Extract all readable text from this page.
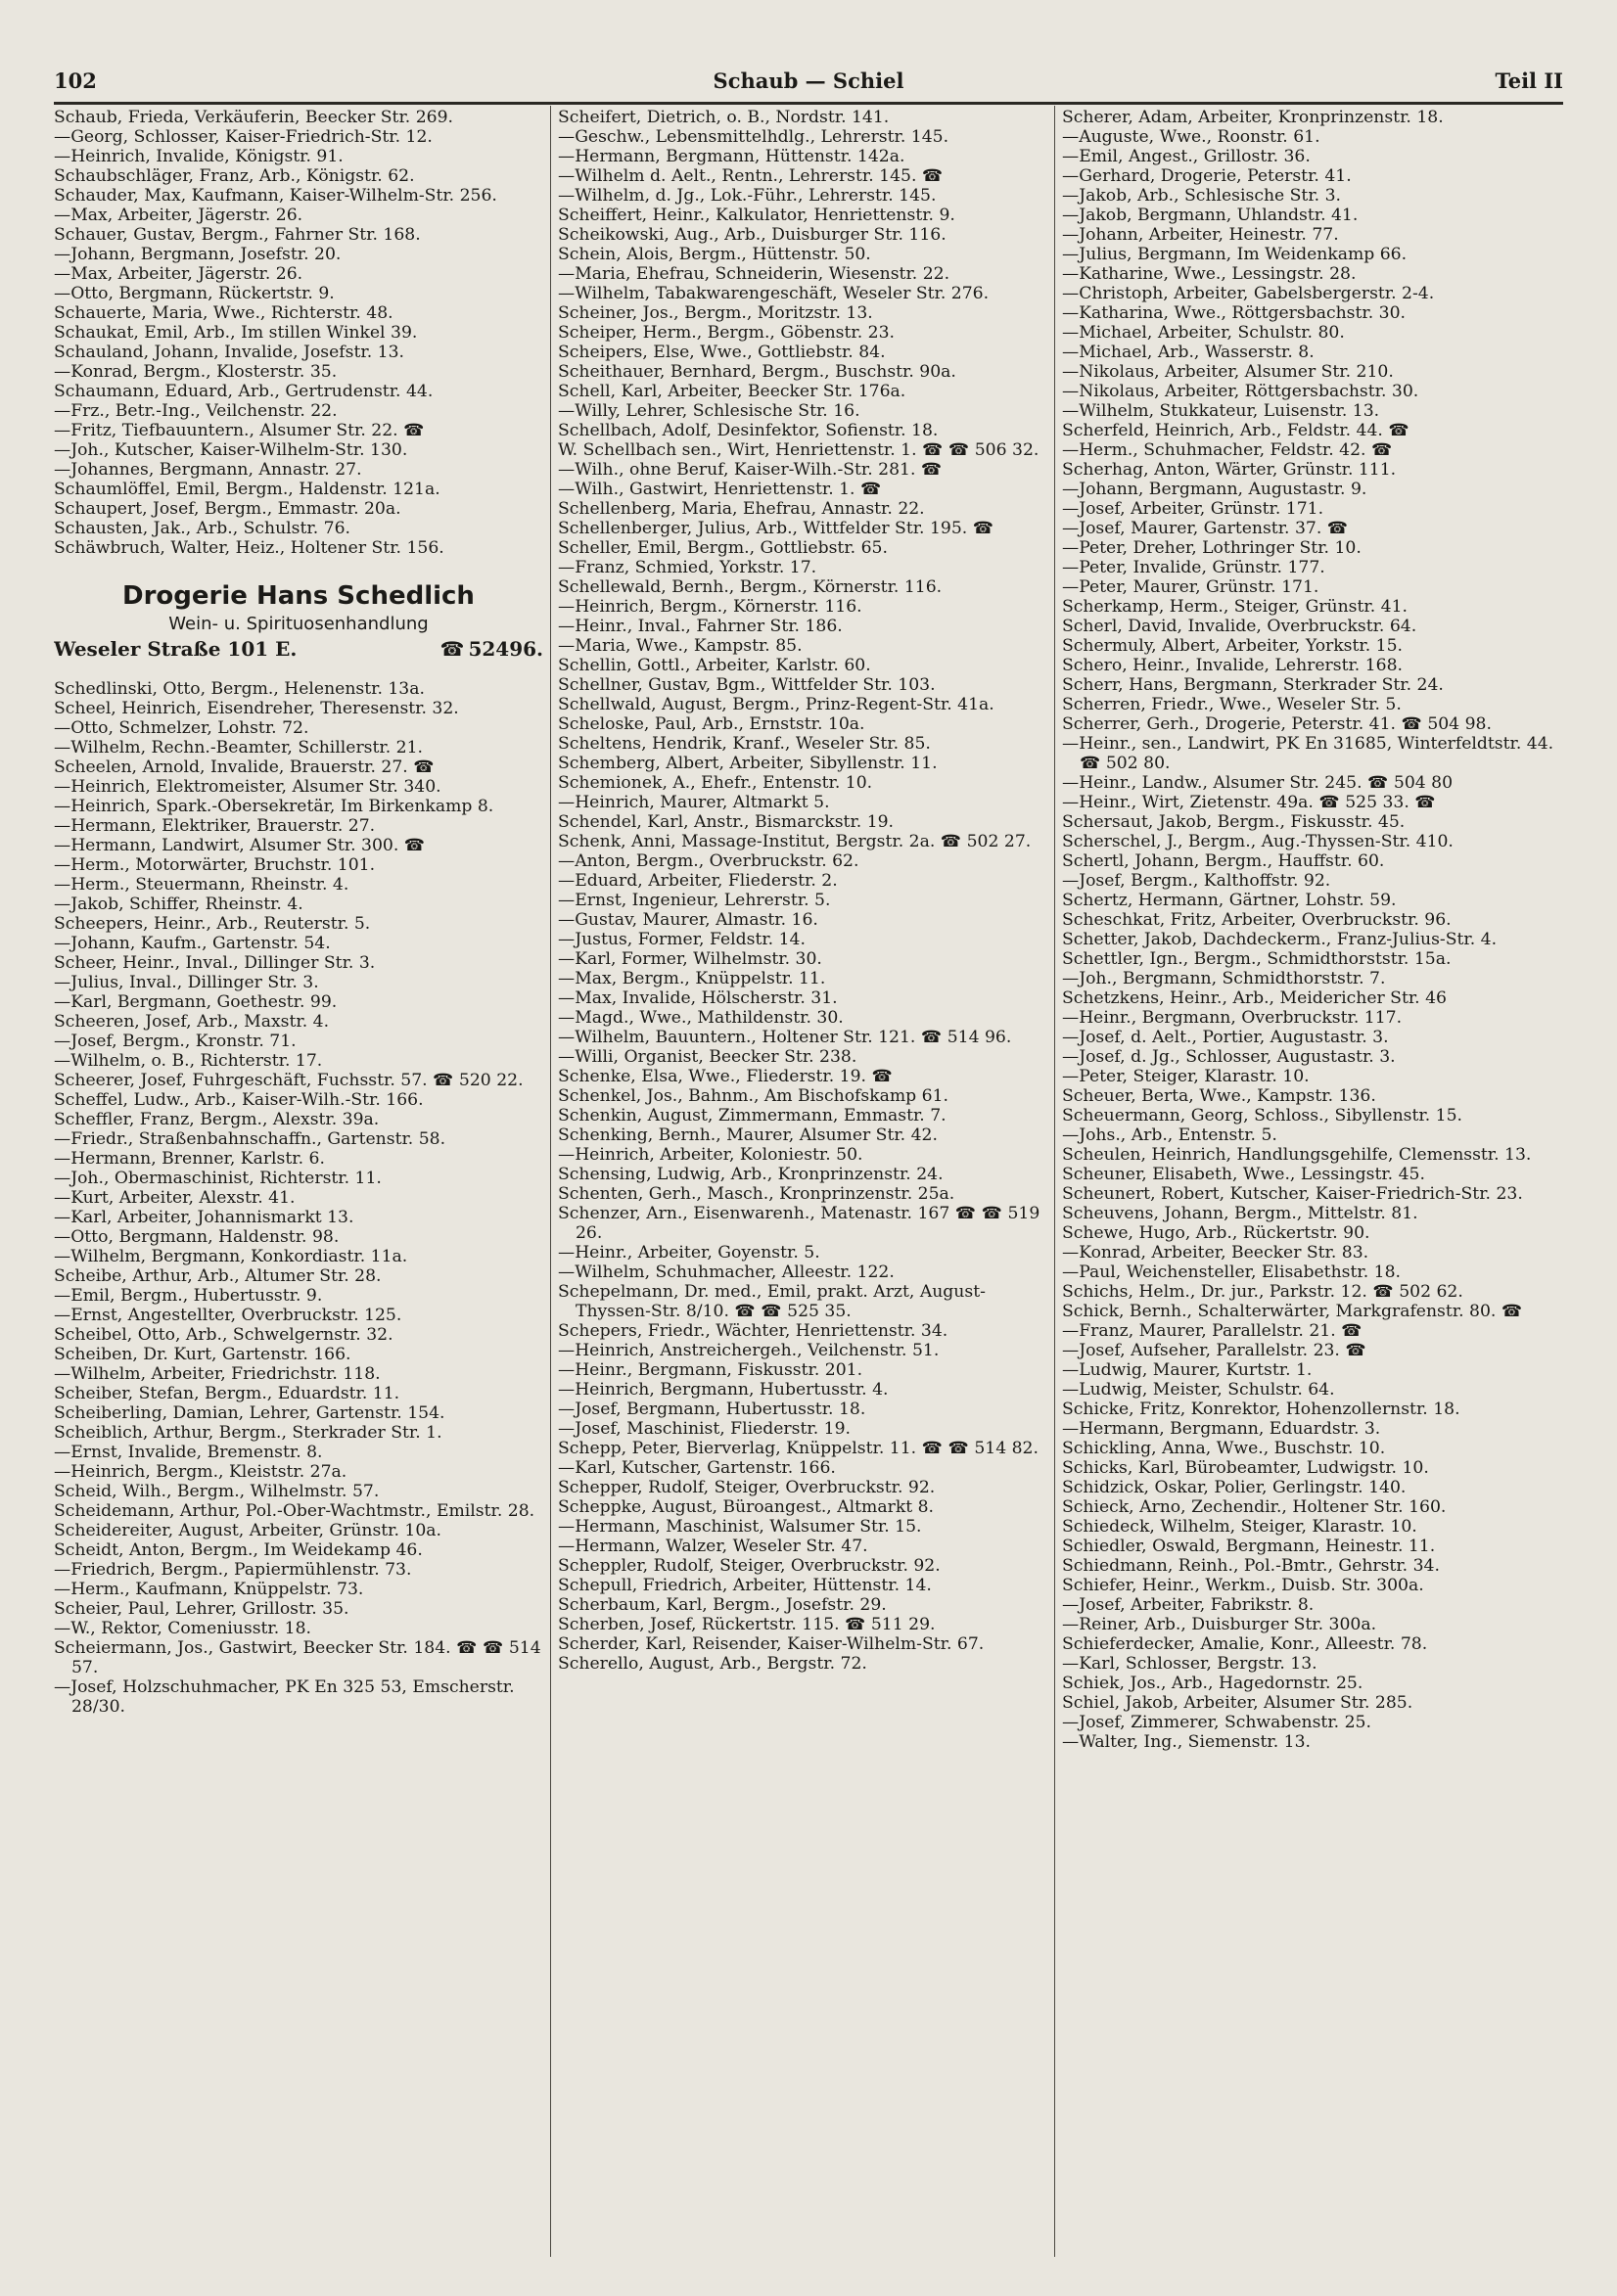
102	Schaub — Schiel	Teil II

Schaub, Frieda, Verkäuferin, Beecker Str. 269.

—Georg, Schlosser, Kaiser-Friedrich-Str. 12.

—Heinrich, Invalide, Königstr. 91.

Schaubschläger, Franz, Arb., Königstr. 62.

Schauder, Max, Kaufmann, Kaiser-Wilhelm-Str. 256.

—Max, Arbeiter, Jägerstr. 26.

Schauer, Gustav, Bergm., Fahrner Str. 168.

—Johann, Bergmann, Josefstr. 20.

—Max, Arbeiter, Jägerstr. 26.

—Otto, Bergmann, Rückertstr. 9.

Schauerte, Maria, Wwe., Richterstr. 48.

Schaukat, Emil, Arb., Im stillen Winkel 39.

Schauland, Johann, Invalide, Josefstr. 13.

—Konrad, Bergm., Klosterstr. 35.

Schaumann, Eduard, Arb., Gertrudenstr. 44.

—Frz., Betr.-Ing., Veilchenstr. 22.

—Fritz, Tiefbauuntern., Alsumer Str. 22. ☎

—Joh., Kutscher, Kaiser-Wilhelm-Str. 130.

—Johannes, Bergmann, Annastr. 27.

Schaumlöffel, Emil, Bergm., Haldenstr. 121a.

Schaupert, Josef, Bergm., Emmastr. 20a.

Schausten, Jak., Arb., Schulstr. 76.

Schäwbruch, Walter, Heiz., Holtener Str. 156.

Drogerie Hans Schedlich
Wein- u. Spirituosenhandlung
Weseler Straße 101 E.	☎ 52496.

Schedlinski, Otto, Bergm., Helenenstr. 13a.

Scheel, Heinrich, Eisendreher, Theresenstr. 32.

—Otto, Schmelzer, Lohstr. 72.

—Wilhelm, Rechn.-Beamter, Schillerstr. 21.

Scheelen, Arnold, Invalide, Brauerstr. 27. ☎

—Heinrich, Elektromeister, Alsumer Str. 340.

—Heinrich, Spark.-Obersekretär, Im Birkenkamp 8.

—Hermann, Elektriker, Brauerstr. 27.

—Hermann, Landwirt, Alsumer Str. 300. ☎

—Herm., Motorwärter, Bruchstr. 101.

—Herm., Steuermann, Rheinstr. 4.

—Jakob, Schiffer, Rheinstr. 4.

Scheepers, Heinr., Arb., Reuterstr. 5.

—Johann, Kaufm., Gartenstr. 54.

Scheer, Heinr., Inval., Dillinger Str. 3.

—Julius, Inval., Dillinger Str. 3.

—Karl, Bergmann, Goethestr. 99.

Scheeren, Josef, Arb., Maxstr. 4.

—Josef, Bergm., Kronstr. 71.

—Wilhelm, o. B., Richterstr. 17.

Scheerer, Josef, Fuhrgeschäft, Fuchsstr. 57. ☎ 520 22.

Scheffel, Ludw., Arb., Kaiser-Wilh.-Str. 166.

Scheffler, Franz, Bergm., Alexstr. 39a.

—Friedr., Straßenbahnschaffn., Gartenstr. 58.

—Hermann, Brenner, Karlstr. 6.

—Joh., Obermaschinist, Richterstr. 11.

—Kurt, Arbeiter, Alexstr. 41.

—Karl, Arbeiter, Johannismarkt 13.

—Otto, Bergmann, Haldenstr. 98.

—Wilhelm, Bergmann, Konkordiastr. 11a.

Scheibe, Arthur, Arb., Altumer Str. 28.

—Emil, Bergm., Hubertusstr. 9.

—Ernst, Angestellter, Overbruckstr. 125.

Scheibel, Otto, Arb., Schwelgernstr. 32.

Scheiben, Dr. Kurt, Gartenstr. 166.

—Wilhelm, Arbeiter, Friedrichstr. 118.

Scheiber, Stefan, Bergm., Eduardstr. 11.

Scheiberling, Damian, Lehrer, Gartenstr. 154.

Scheiblich, Arthur, Bergm., Sterkrader Str. 1.

—Ernst, Invalide, Bremenstr. 8.

—Heinrich, Bergm., Kleiststr. 27a.

Scheid, Wilh., Bergm., Wilhelmstr. 57.

Scheidemann, Arthur, Pol.-Ober-Wachtmstr., Emilstr. 28.

Scheidereiter, August, Arbeiter, Grünstr. 10a.

Scheidt, Anton, Bergm., Im Weidekamp 46.

—Friedrich, Bergm., Papiermühlenstr. 73.

—Herm., Kaufmann, Knüppelstr. 73.

Scheier, Paul, Lehrer, Grillostr. 35.

—W., Rektor, Comeniusstr. 18.

Scheiermann, Jos., Gastwirt, Beecker Str. 184. ☎ ☎ 514 57.

—Josef, Holzschuhmacher, PK En 325 53, Emscherstr. 28/30.

Scheifert, Dietrich, o. B., Nordstr. 141.

—Geschw., Lebensmittelhdlg., Lehrerstr. 145.

—Hermann, Bergmann, Hüttenstr. 142a.

—Wilhelm d. Aelt., Rentn., Lehrerstr. 145. ☎

—Wilhelm, d. Jg., Lok.-Führ., Lehrerstr. 145.

Scheiffert, Heinr., Kalkulator, Henriettenstr. 9.

Scheikowski, Aug., Arb., Duisburger Str. 116.

Schein, Alois, Bergm., Hüttenstr. 50.

—Maria, Ehefrau, Schneiderin, Wiesenstr. 22.

—Wilhelm, Tabakwarengeschäft, Weseler Str. 276.

Scheiner, Jos., Bergm., Moritzstr. 13.

Scheiper, Herm., Bergm., Göbenstr. 23.

Scheipers, Else, Wwe., Gottliebstr. 84.

Scheithauer, Bernhard, Bergm., Buschstr. 90a.

Schell, Karl, Arbeiter, Beecker Str. 176a.

—Willy, Lehrer, Schlesische Str. 16.

Schellbach, Adolf, Desinfektor, Sofienstr. 18.

W. Schellbach sen., Wirt, Henriettenstr. 1. ☎ ☎ 506 32.

—Wilh., ohne Beruf, Kaiser-Wilh.-Str. 281. ☎

—Wilh., Gastwirt, Henriettenstr. 1. ☎

Schellenberg, Maria, Ehefrau, Annastr. 22.

Schellenberger, Julius, Arb., Wittfelder Str. 195. ☎

Scheller, Emil, Bergm., Gottliebstr. 65.

—Franz, Schmied, Yorkstr. 17.

Schellewald, Bernh., Bergm., Körnerstr. 116.

—Heinrich, Bergm., Körnerstr. 116.

—Heinr., Inval., Fahrner Str. 186.

—Maria, Wwe., Kampstr. 85.

Schellin, Gottl., Arbeiter, Karlstr. 60.

Schellner, Gustav, Bgm., Wittfelder Str. 103.

Schellwald, August, Bergm., Prinz-Regent-Str. 41a.

Scheloske, Paul, Arb., Ernststr. 10a.

Scheltens, Hendrik, Kranf., Weseler Str. 85.

Schemberg, Albert, Arbeiter, Sibyllenstr. 11.

Schemionek, A., Ehefr., Entenstr. 10.

—Heinrich, Maurer, Altmarkt 5.

Schendel, Karl, Anstr., Bismarckstr. 19.

Schenk, Anni, Massage-Institut, Bergstr. 2a. ☎ 502 27.

—Anton, Bergm., Overbruckstr. 62.

—Eduard, Arbeiter, Fliederstr. 2.

—Ernst, Ingenieur, Lehrerstr. 5.

—Gustav, Maurer, Almastr. 16.

—Justus, Former, Feldstr. 14.

—Karl, Former, Wilhelmstr. 30.

—Max, Bergm., Knüppelstr. 11.

—Max, Invalide, Hölscherstr. 31.

—Magd., Wwe., Mathildenstr. 30.

—Wilhelm, Bauuntern., Holtener Str. 121. ☎ 514 96.

—Willi, Organist, Beecker Str. 238.

Schenke, Elsa, Wwe., Fliederstr. 19. ☎

Schenkel, Jos., Bahnm., Am Bischofskamp 61.

Schenkin, August, Zimmermann, Emmastr. 7.

Schenking, Bernh., Maurer, Alsumer Str. 42.

—Heinrich, Arbeiter, Koloniestr. 50.

Schensing, Ludwig, Arb., Kronprinzenstr. 24.

Schenten, Gerh., Masch., Kronprinzenstr. 25a.

Schenzer, Arn., Eisenwarenh., Matenastr. 167 ☎ ☎ 519 26.

—Heinr., Arbeiter, Goyenstr. 5.

—Wilhelm, Schuhmacher, Alleestr. 122.

Schepelmann, Dr. med., Emil, prakt. Arzt, August-Thyssen-Str. 8/10. ☎ ☎ 525 35.

Schepers, Friedr., Wächter, Henriettenstr. 34.

—Heinrich, Anstreichergeh., Veilchenstr. 51.

—Heinr., Bergmann, Fiskusstr. 201.

—Heinrich, Bergmann, Hubertusstr. 4.

—Josef, Bergmann, Hubertusstr. 18.

—Josef, Maschinist, Fliederstr. 19.

Schepp, Peter, Bierverlag, Knüppelstr. 11. ☎ ☎ 514 82.

—Karl, Kutscher, Gartenstr. 166.

Schepper, Rudolf, Steiger, Overbruckstr. 92.

Scheppke, August, Büroangest., Altmarkt 8.

—Hermann, Maschinist, Walsumer Str. 15.

—Hermann, Walzer, Weseler Str. 47.

Scheppler, Rudolf, Steiger, Overbruckstr. 92.

Schepull, Friedrich, Arbeiter, Hüttenstr. 14.

Scherbaum, Karl, Bergm., Josefstr. 29.

Scherben, Josef, Rückertstr. 115. ☎ 511 29.

Scherder, Karl, Reisender, Kaiser-Wilhelm-Str. 67.

Scherello, August, Arb., Bergstr. 72.

Scherer, Adam, Arbeiter, Kronprinzenstr. 18.

—Auguste, Wwe., Roonstr. 61.

—Emil, Angest., Grillostr. 36.

—Gerhard, Drogerie, Peterstr. 41.

—Jakob, Arb., Schlesische Str. 3.

—Jakob, Bergmann, Uhlandstr. 41.

—Johann, Arbeiter, Heinestr. 77.

—Julius, Bergmann, Im Weidenkamp 66.

—Katharine, Wwe., Lessingstr. 28.

—Christoph, Arbeiter, Gabelsbergerstr. 2-4.

—Katharina, Wwe., Röttgersbachstr. 30.

—Michael, Arbeiter, Schulstr. 80.

—Michael, Arb., Wasserstr. 8.

—Nikolaus, Arbeiter, Alsumer Str. 210.

—Nikolaus, Arbeiter, Röttgersbachstr. 30.

—Wilhelm, Stukkateur, Luisenstr. 13.

Scherfeld, Heinrich, Arb., Feldstr. 44. ☎

—Herm., Schuhmacher, Feldstr. 42. ☎

Scherhag, Anton, Wärter, Grünstr. 111.

—Johann, Bergmann, Augustastr. 9.

—Josef, Arbeiter, Grünstr. 171.

—Josef, Maurer, Gartenstr. 37. ☎

—Peter, Dreher, Lothringer Str. 10.

—Peter, Invalide, Grünstr. 177.

—Peter, Maurer, Grünstr. 171.

Scherkamp, Herm., Steiger, Grünstr. 41.

Scherl, David, Invalide, Overbruckstr. 64.

Schermuly, Albert, Arbeiter, Yorkstr. 15.

Schero, Heinr., Invalide, Lehrerstr. 168.

Scherr, Hans, Bergmann, Sterkrader Str. 24.

Scherren, Friedr., Wwe., Weseler Str. 5.

Scherrer, Gerh., Drogerie, Peterstr. 41. ☎ 504 98.

—Heinr., sen., Landwirt, PK En 31685, Winterfeldtstr. 44. ☎ 502 80.

—Heinr., Landw., Alsumer Str. 245. ☎ 504 80

—Heinr., Wirt, Zietenstr. 49a. ☎ 525 33. ☎

Schersaut, Jakob, Bergm., Fiskusstr. 45.

Scherschel, J., Bergm., Aug.-Thyssen-Str. 410.

Schertl, Johann, Bergm., Hauffstr. 60.

—Josef, Bergm., Kalthoffstr. 92.

Schertz, Hermann, Gärtner, Lohstr. 59.

Scheschkat, Fritz, Arbeiter, Overbruckstr. 96.

Schetter, Jakob, Dachdeckerm., Franz-Julius-Str. 4.

Schettler, Ign., Bergm., Schmidthorststr. 15a.

—Joh., Bergmann, Schmidthorststr. 7.

Schetzkens, Heinr., Arb., Meidericher Str. 46

—Heinr., Bergmann, Overbruckstr. 117.

—Josef, d. Aelt., Portier, Augustastr. 3.

—Josef, d. Jg., Schlosser, Augustastr. 3.

—Peter, Steiger, Klarastr. 10.

Scheuer, Berta, Wwe., Kampstr. 136.

Scheuermann, Georg, Schloss., Sibyllenstr. 15.

—Johs., Arb., Entenstr. 5.

Scheulen, Heinrich, Handlungsgehilfe, Clemensstr. 13.

Scheuner, Elisabeth, Wwe., Lessingstr. 45.

Scheunert, Robert, Kutscher, Kaiser-Friedrich-Str. 23.

Scheuvens, Johann, Bergm., Mittelstr. 81.

Schewe, Hugo, Arb., Rückertstr. 90.

—Konrad, Arbeiter, Beecker Str. 83.

—Paul, Weichensteller, Elisabethstr. 18.

Schichs, Helm., Dr. jur., Parkstr. 12. ☎ 502 62.

Schick, Bernh., Schalterwärter, Markgrafenstr. 80. ☎

—Franz, Maurer, Parallelstr. 21. ☎

—Josef, Aufseher, Parallelstr. 23. ☎

—Ludwig, Maurer, Kurtstr. 1.

—Ludwig, Meister, Schulstr. 64.

Schicke, Fritz, Konrektor, Hohenzollernstr. 18.

—Hermann, Bergmann, Eduardstr. 3.

Schickling, Anna, Wwe., Buschstr. 10.

Schicks, Karl, Bürobeamter, Ludwigstr. 10.

Schidzick, Oskar, Polier, Gerlingstr. 140.

Schieck, Arno, Zechendir., Holtener Str. 160.

Schiedeck, Wilhelm, Steiger, Klarastr. 10.

Schiedler, Oswald, Bergmann, Heinestr. 11.

Schiedmann, Reinh., Pol.-Bmtr., Gehrstr. 34.

Schiefer, Heinr., Werkm., Duisb. Str. 300a.

—Josef, Arbeiter, Fabrikstr. 8.

—Reiner, Arb., Duisburger Str. 300a.

Schieferdecker, Amalie, Konr., Alleestr. 78.

—Karl, Schlosser, Bergstr. 13.

Schiek, Jos., Arb., Hagedornstr. 25.

Schiel, Jakob, Arbeiter, Alsumer Str. 285.

—Josef, Zimmerer, Schwabenstr. 25.

—Walter, Ing., Siemenstr. 13.
